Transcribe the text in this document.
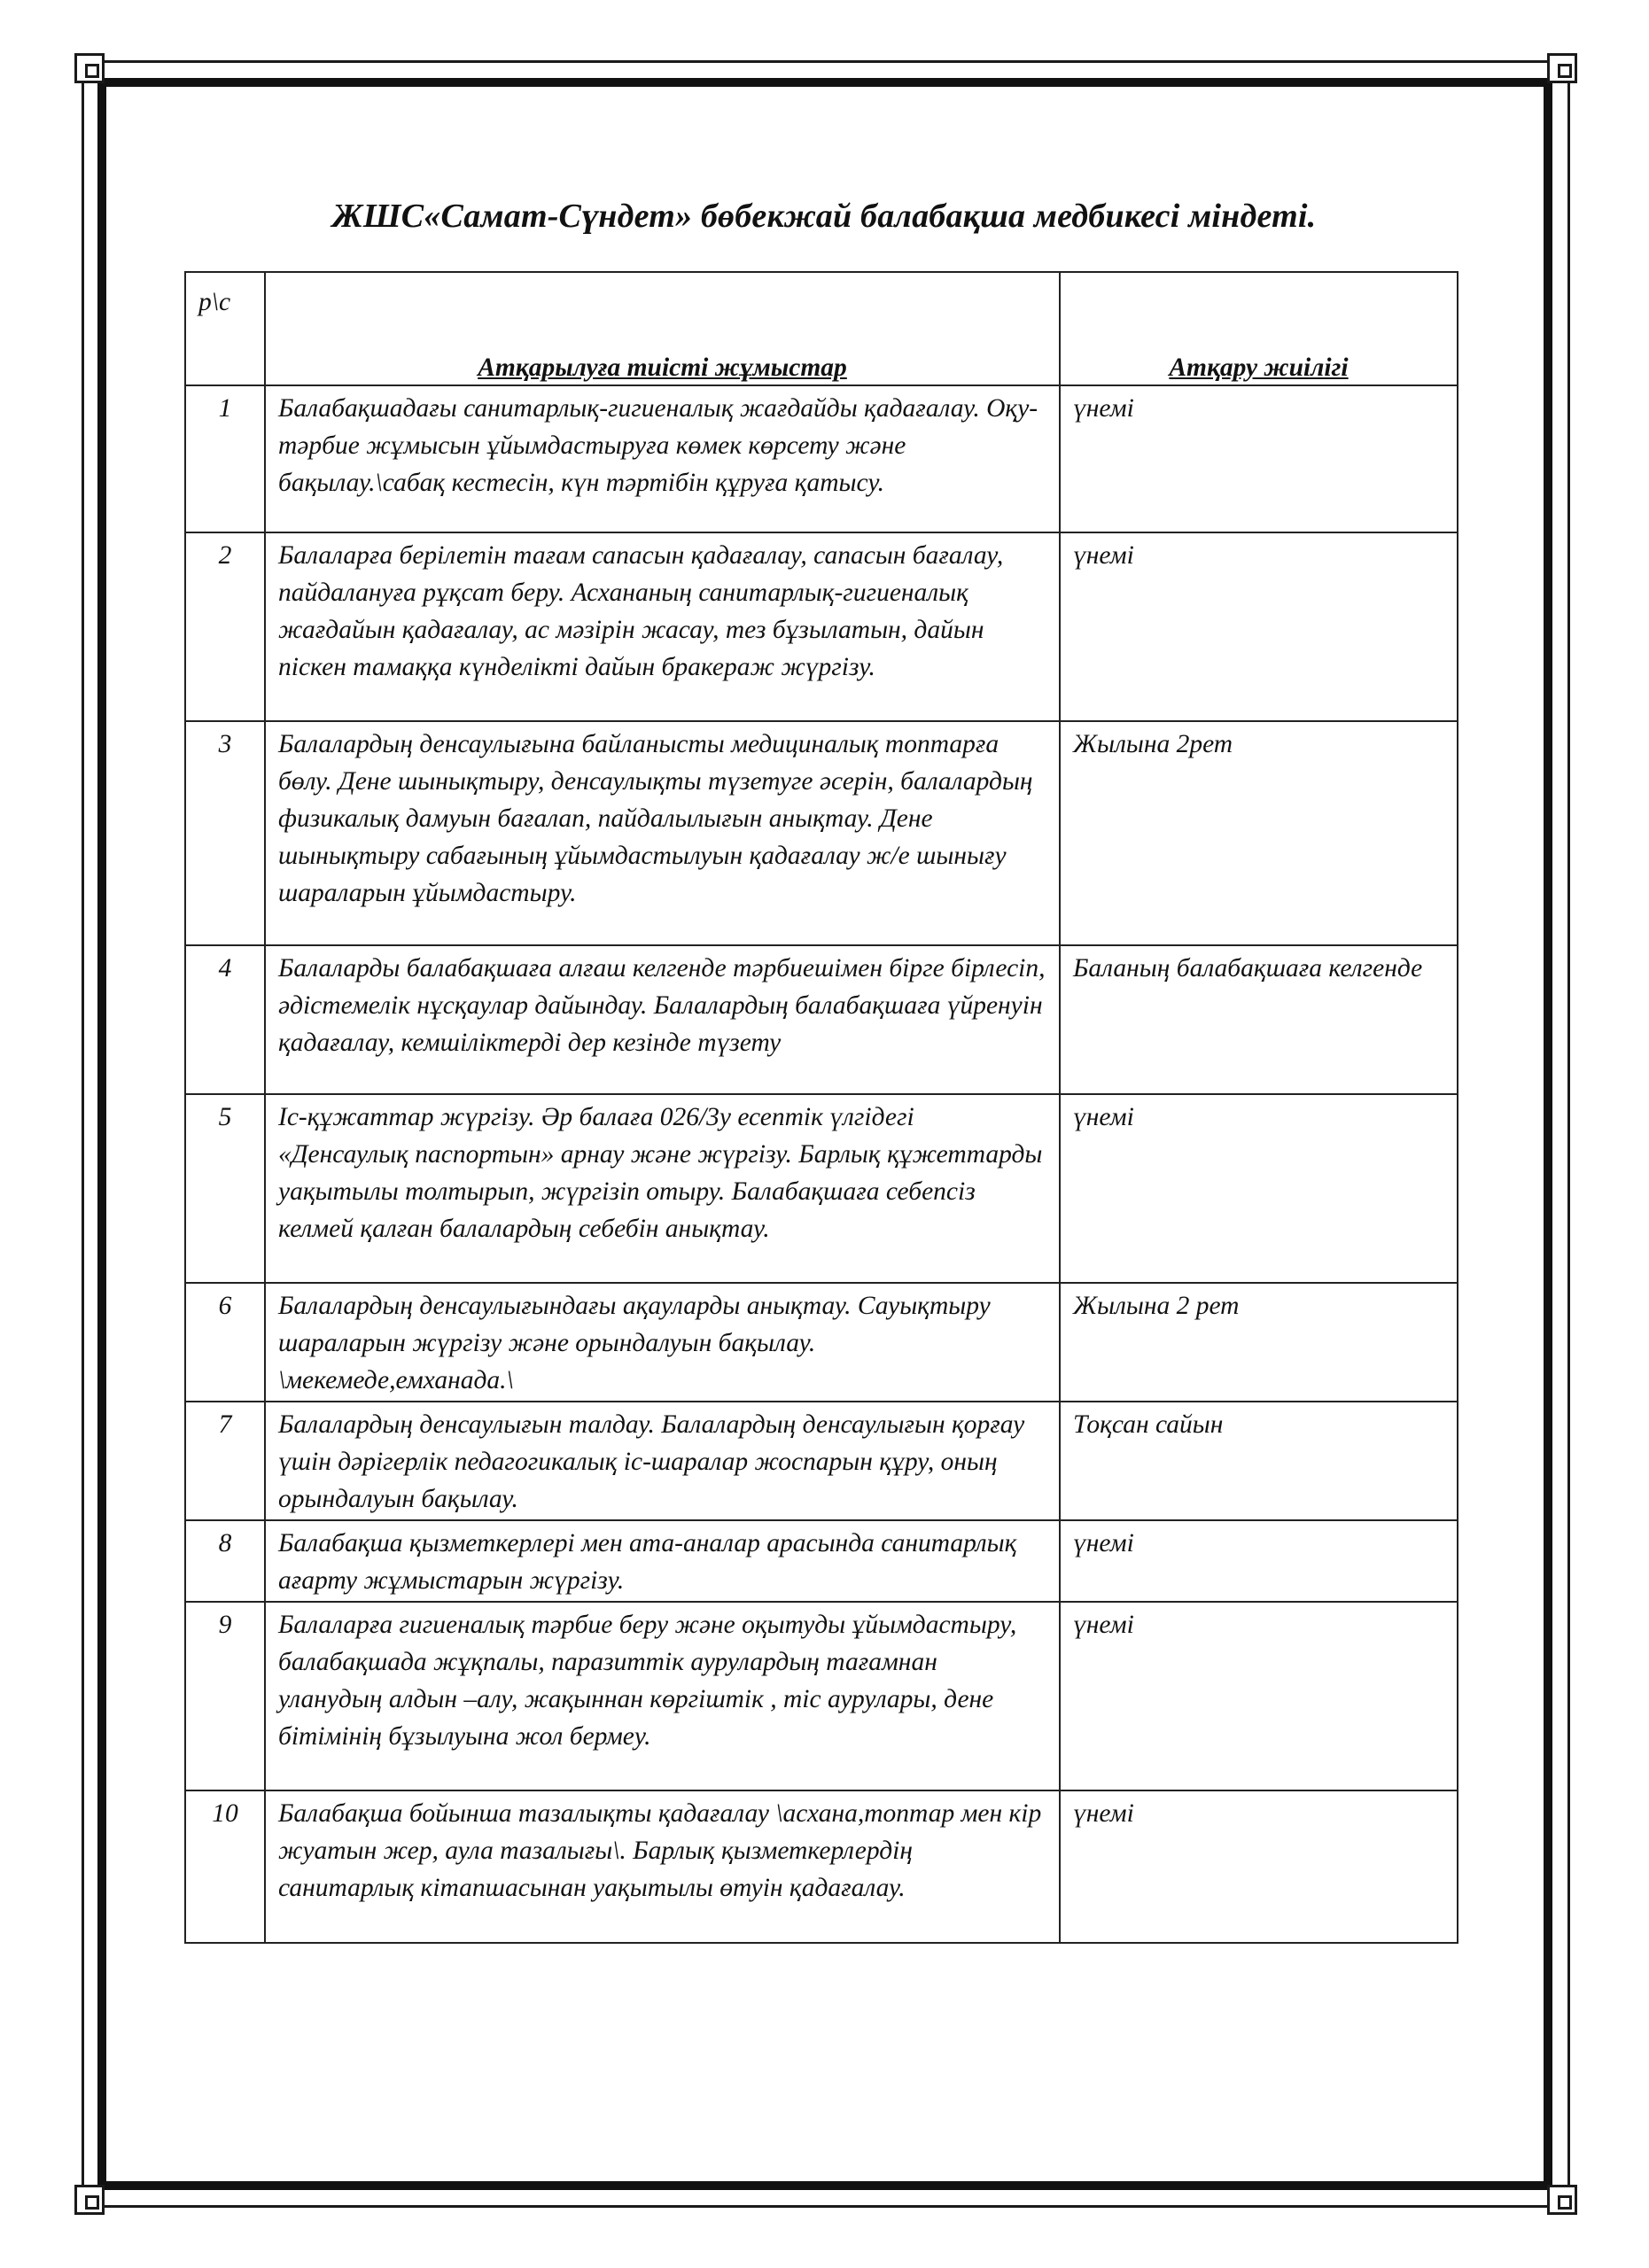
ЖШС«Самат-Сүндет» бөбекжай балабақша медбикесі міндеті.
р\с	Атқарылуға тиісті жұмыстар	Атқару жиілігі

1	Балабақшадағы санитарлық-гигиеналық жағдайды қадағалау. Оқу-тәрбие жұмысын ұйымдастыруға көмек көрсету және бақылау.\сабақ кестесін, күн тәртібін құруға қатысу.	үнемі
2	Балаларға берілетін тағам сапасын қадағалау, сапасын бағалау, пайдалануға рұқсат беру. Асхананың санитарлық-гигиеналық жағдайын қадағалау, ас мәзірін жасау, тез бұзылатын, дайын піскен тамаққа күнделікті дайын бракераж жүргізу.	үнемі
3	Балалардың денсаулығына байланысты медициналық топтарға бөлу. Дене шынықтыру, денсаулықты түзетуге әсерін, балалардың физикалық дамуын бағалап, пайдалылығын анықтау. Дене шынықтыру сабағының ұйымдастылуын қадағалау ж/е шынығу шараларын ұйымдастыру.	Жылына 2рет
4	Балаларды балабақшаға алғаш келгенде тәрбиешімен бірге бірлесіп, әдістемелік нұсқаулар дайындау. Балалардың балабақшаға үйренуін қадағалау, кемшіліктерді дер кезінде түзету	Баланың балабақшаға келгенде
5	Іс-құжаттар жүргізу. Әр балаға 026/3у есептік үлгідегі «Денсаулық паспортын» арнау және жүргізу. Барлық құжеттарды уақытылы толтырып, жүргізіп отыру. Балабақшаға себепсіз келмей қалған балалардың себебін анықтау.	үнемі
6	Балалардың денсаулығындағы ақауларды анықтау. Сауықтыру шараларын жүргізу және орындалуын бақылау. \мекемеде,емханада.\	Жылына 2 рет
7	Балалардың денсаулығын талдау. Балалардың денсаулығын қорғау үшін дәрігерлік педагогикалық іс-шаралар жоспарын құру, оның орындалуын бақылау.	Тоқсан сайын
8	Балабақша қызметкерлері мен ата-аналар арасында санитарлық ағарту жұмыстарын жүргізу.	үнемі
9	Балаларға гигиеналық тәрбие беру және оқытуды ұйымдастыру, балабақшада жұқпалы, паразиттік аурулардың тағамнан уланудың алдын –алу, жақыннан көргіштік , тіс аурулары, дене бітімінің бұзылуына жол бермеу.	үнемі
10	Балабақша бойынша тазалықты қадағалау \асхана,топтар мен кір жуатын жер, аула тазалығы\. Барлық қызметкерлердің санитарлық кітапшасынан уақытылы өтуін қадағалау.	үнемі
